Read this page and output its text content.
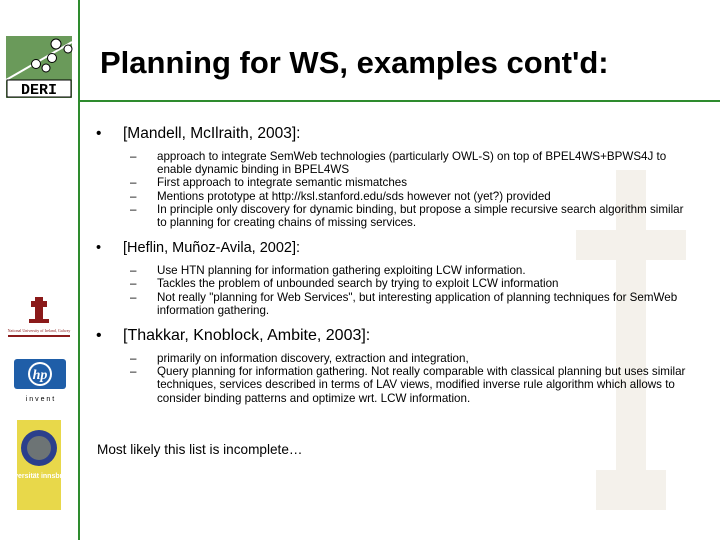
DERI
National University of Ireland, Galway
hp
i n v e n t
universität innsbruck
Planning for WS, examples cont'd:
• [Mandell, McIlraith, 2003]:
– approach to integrate SemWeb technologies (particularly OWL-S) on top of BPEL4WS+BPWS4J to enable dynamic binding in BPEL4WS
– First approach to integrate semantic mismatches
– Mentions prototype at http://ksl.stanford.edu/sds however not (yet?) provided
– In principle only discovery for dynamic binding, but propose a simple recursive search algorithm similar to planning for creating chains of missing services.
• [Heflin, Muñoz-Avila, 2002]:
– Use HTN planning for information gathering exploiting LCW information.
– Tackles the problem of unbounded search by trying to exploit LCW information
– Not really "planning for Web Services", but interesting application of planning techniques for SemWeb information gathering.
• [Thakkar, Knoblock, Ambite, 2003]:
– primarily on information discovery, extraction and integration,
– Query planning for information gathering. Not really comparable with classical planning but uses similar techniques, services described in terms of LAV views, modified inverse rule algorithm which allows to consider binding patterns and optimize wrt. LCW information.
Most likely this list is incomplete…
